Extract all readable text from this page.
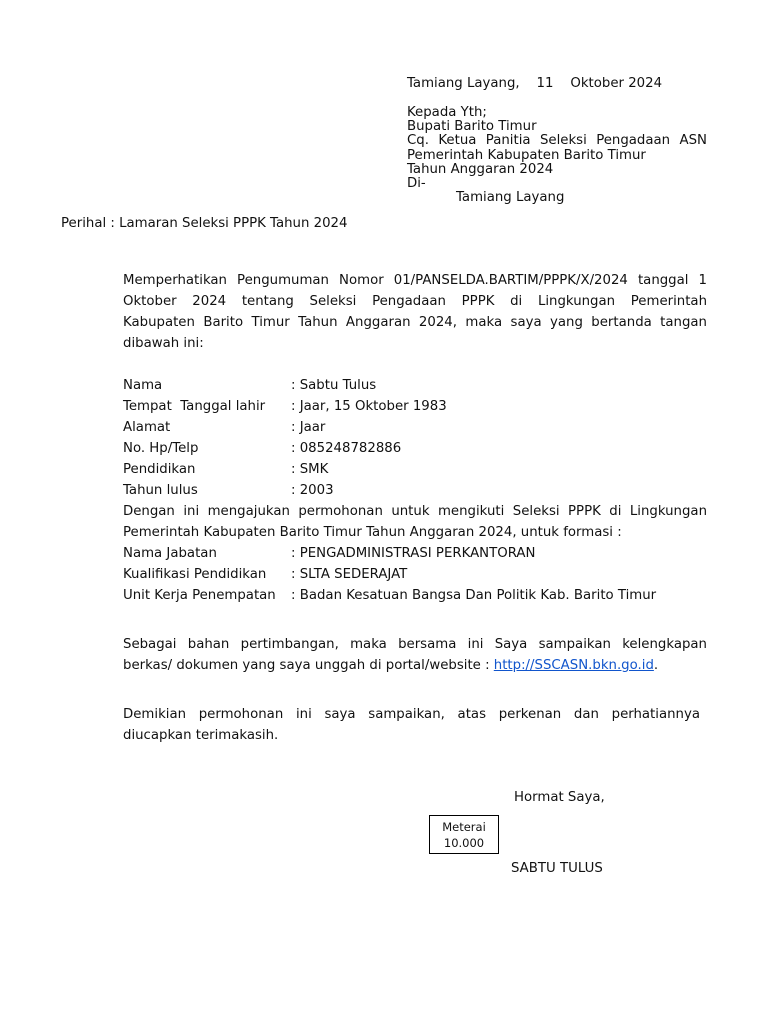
Tamiang Layang,    11    Oktober 2024
Kepada Yth;
Bupati Barito Timur
Cq. Ketua Panitia Seleksi Pengadaan ASN
Pemerintah Kabupaten Barito Timur
Tahun Anggaran 2024
Di-
Tamiang Layang
Perihal : Lamaran Seleksi PPPK Tahun 2024
Memperhatikan Pengumuman Nomor 01/PANSELDA.BARTIM/PPPK/X/2024 tanggal 1
Oktober 2024 tentang Seleksi Pengadaan PPPK di Lingkungan Pemerintah
Kabupaten Barito Timur Tahun Anggaran 2024, maka saya yang bertanda tangan
dibawah ini:
Nama	: Sabtu Tulus
Tempat  Tanggal lahir	: Jaar, 15 Oktober 1983
Alamat	: Jaar
No. Hp/Telp	: 085248782886
Pendidikan	: SMK
Tahun lulus	: 2003
Dengan ini mengajukan permohonan untuk mengikuti Seleksi PPPK di Lingkungan
Pemerintah Kabupaten Barito Timur Tahun Anggaran 2024, untuk formasi :
Nama Jabatan	: PENGADMINISTRASI PERKANTORAN
Kualifikasi Pendidikan	: SLTA SEDERAJAT
Unit Kerja Penempatan	: Badan Kesatuan Bangsa Dan Politik Kab. Barito Timur
Sebagai bahan pertimbangan, maka bersama ini Saya sampaikan kelengkapan
berkas/ dokumen yang saya unggah di portal/website : http://SSCASN.bkn.go.id.
Demikian permohonan ini saya sampaikan, atas perkenan dan perhatiannya
diucapkan terimakasih.
Hormat Saya,
Meterai
10.000
SABTU TULUS
